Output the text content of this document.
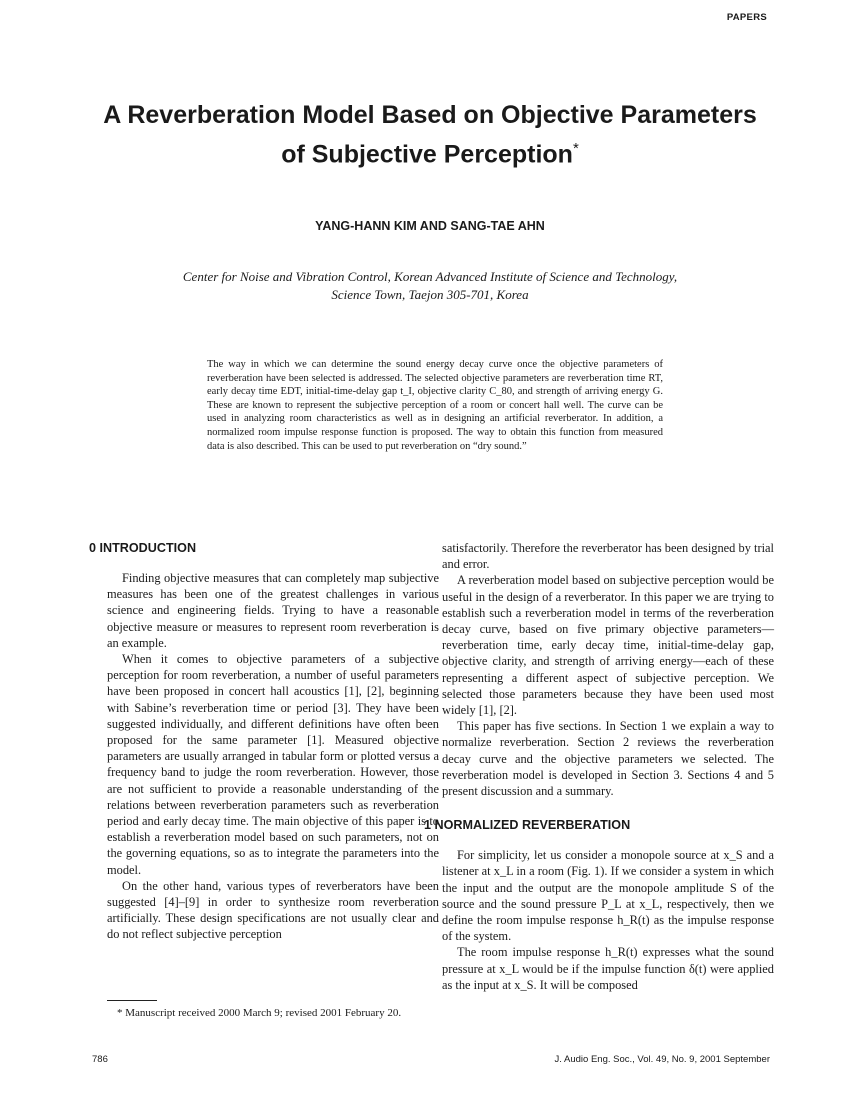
PAPERS
A Reverberation Model Based on Objective Parameters
of Subjective Perception*
YANG-HANN KIM AND SANG-TAE AHN
Center for Noise and Vibration Control, Korean Advanced Institute of Science and Technology,
Science Town, Taejon 305-701, Korea

The way in which we can determine the sound energy decay curve once the objective parameters of reverberation have been selected is addressed. The selected objective parameters are reverberation time RT, early decay time EDT, initial-time-delay gap t_I, objective clarity C_80, and strength of arriving energy G. These are known to represent the subjective perception of a room or concert hall well. The curve can be used in analyzing room characteristics as well as in designing an artificial reverberator. In addition, a normalized room impulse response function is proposed. The way to obtain this function from measured data is also described. This can be used to put reverberation on “dry sound.”

0 INTRODUCTION

Finding objective measures that can completely map subjective measures has been one of the greatest challenges in various science and engineering fields. Trying to have a reasonable objective measure or measures to represent room reverberation is an example.

When it comes to objective parameters of a subjective perception for room reverberation, a number of useful parameters have been proposed in concert hall acoustics [1], [2], beginning with Sabine’s reverberation time or period [3]. They have been suggested individually, and different definitions have often been proposed for the same parameter [1]. Measured objective parameters are usually arranged in tabular form or plotted versus a frequency band to judge the room reverberation. However, those are not sufficient to provide a reasonable understanding of the relations between reverberation parameters such as reverberation period and early decay time. The main objective of this paper is to establish a reverberation model based on such parameters, not on the governing equations, so as to integrate the parameters into the model.

On the other hand, various types of reverberators have been suggested [4]–[9] in order to synthesize room reverberation artificially. These design specifications are not usually clear and do not reflect subjective perception

satisfactorily. Therefore the reverberator has been designed by trial and error.

A reverberation model based on subjective perception would be useful in the design of a reverberator. In this paper we are trying to establish such a reverberation model in terms of the reverberation decay curve, based on five primary objective parameters—reverberation time, early decay time, initial-time-delay gap, objective clarity, and strength of arriving energy—each of these representing a different aspect of subjective perception. We selected those parameters because they have been used most widely [1], [2].

This paper has five sections. In Section 1 we explain a way to normalize reverberation. Section 2 reviews the reverberation decay curve and the objective parameters we selected. The reverberation model is developed in Section 3. Sections 4 and 5 present discussion and a summary.

1 NORMALIZED REVERBERATION

For simplicity, let us consider a monopole source at x_S and a listener at x_L in a room (Fig. 1). If we consider a system in which the input and the output are the monopole amplitude S of the source and the sound pressure P_L at x_L, respectively, then we define the room impulse response h_R(t) as the impulse response of the system.

The room impulse response h_R(t) expresses what the sound pressure at x_L would be if the impulse function δ(t) were applied as the input at x_S. It will be composed

* Manuscript received 2000 March 9; revised 2001 February 20.
786	J. Audio Eng. Soc., Vol. 49, No. 9, 2001 September
